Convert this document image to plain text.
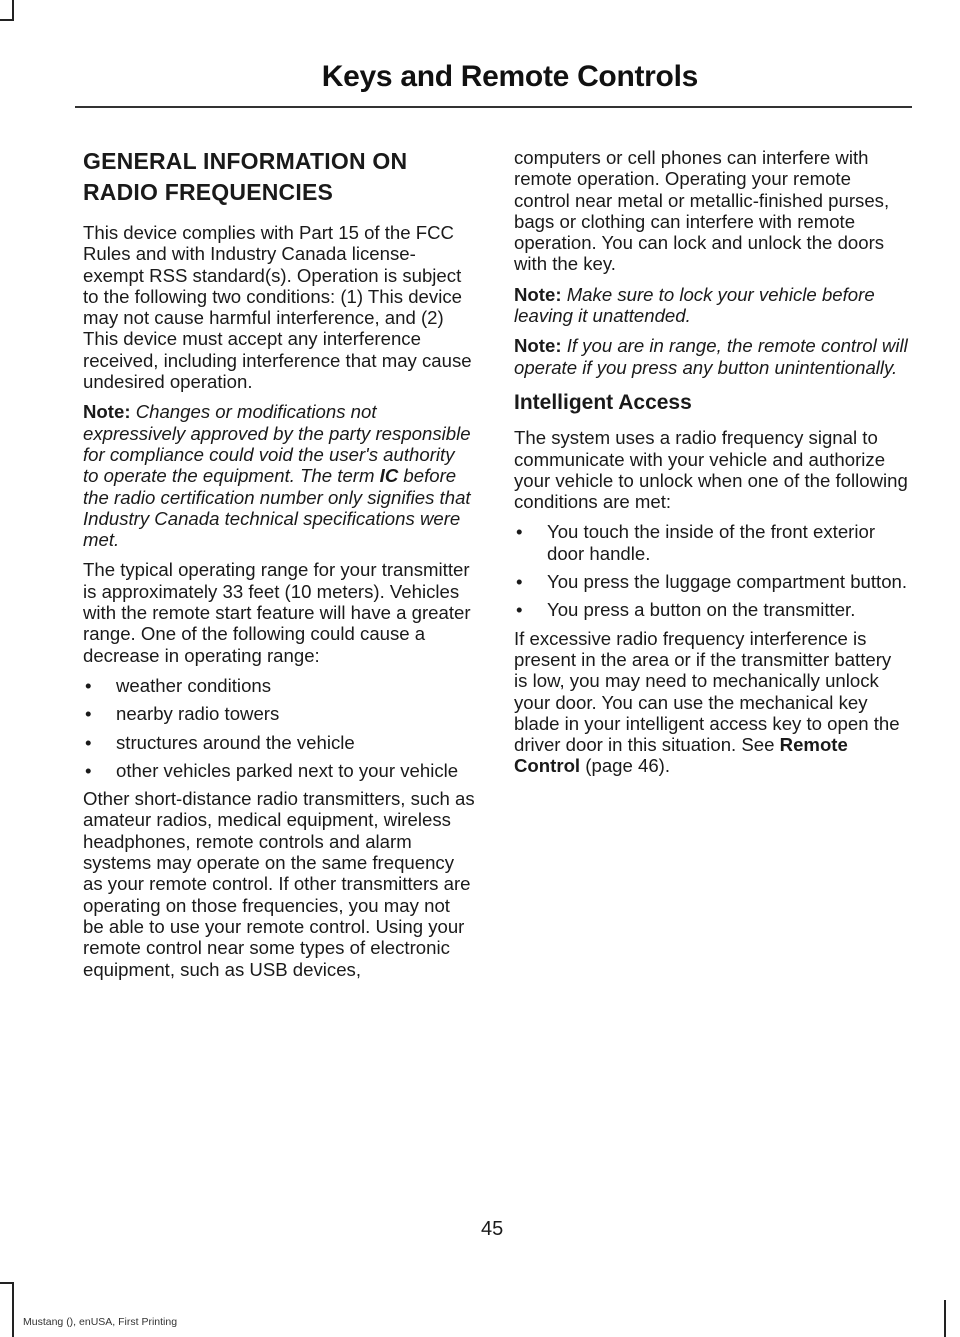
Keys and Remote Controls
GENERAL INFORMATION ON
RADIO FREQUENCIES

This device complies with Part 15 of the FCC Rules and with Industry Canada license-exempt RSS standard(s). Operation is subject to the following two conditions: (1) This device may not cause harmful interference, and (2) This device must accept any interference received, including interference that may cause undesired operation.

Note: Changes or modifications not expressively approved by the party responsible for compliance could void the user's authority to operate the equipment. The term IC before the radio certification number only signifies that Industry Canada technical specifications were met.

The typical operating range for your transmitter is approximately 33 feet (10 meters). Vehicles with the remote start feature will have a greater range. One of the following could cause a decrease in operating range:

• weather conditions
• nearby radio towers
• structures around the vehicle
• other vehicles parked next to your vehicle

Other short-distance radio transmitters, such as amateur radios, medical equipment, wireless headphones, remote controls and alarm systems may operate on the same frequency as your remote control. If other transmitters are operating on those frequencies, you may not be able to use your remote control. Using your remote control near some types of electronic equipment, such as USB devices,

computers or cell phones can interfere with remote operation. Operating your remote control near metal or metallic-finished purses, bags or clothing can interfere with remote operation. You can lock and unlock the doors with the key.

Note: Make sure to lock your vehicle before leaving it unattended.

Note: If you are in range, the remote control will operate if you press any button unintentionally.

Intelligent Access

The system uses a radio frequency signal to communicate with your vehicle and authorize your vehicle to unlock when one of the following conditions are met:

• You touch the inside of the front exterior door handle.
• You press the luggage compartment button.
• You press a button on the transmitter.

If excessive radio frequency interference is present in the area or if the transmitter battery is low, you may need to mechanically unlock your door. You can use the mechanical key blade in your intelligent access key to open the driver door in this situation. See Remote Control (page 46).

45
Mustang (), enUSA, First Printing
